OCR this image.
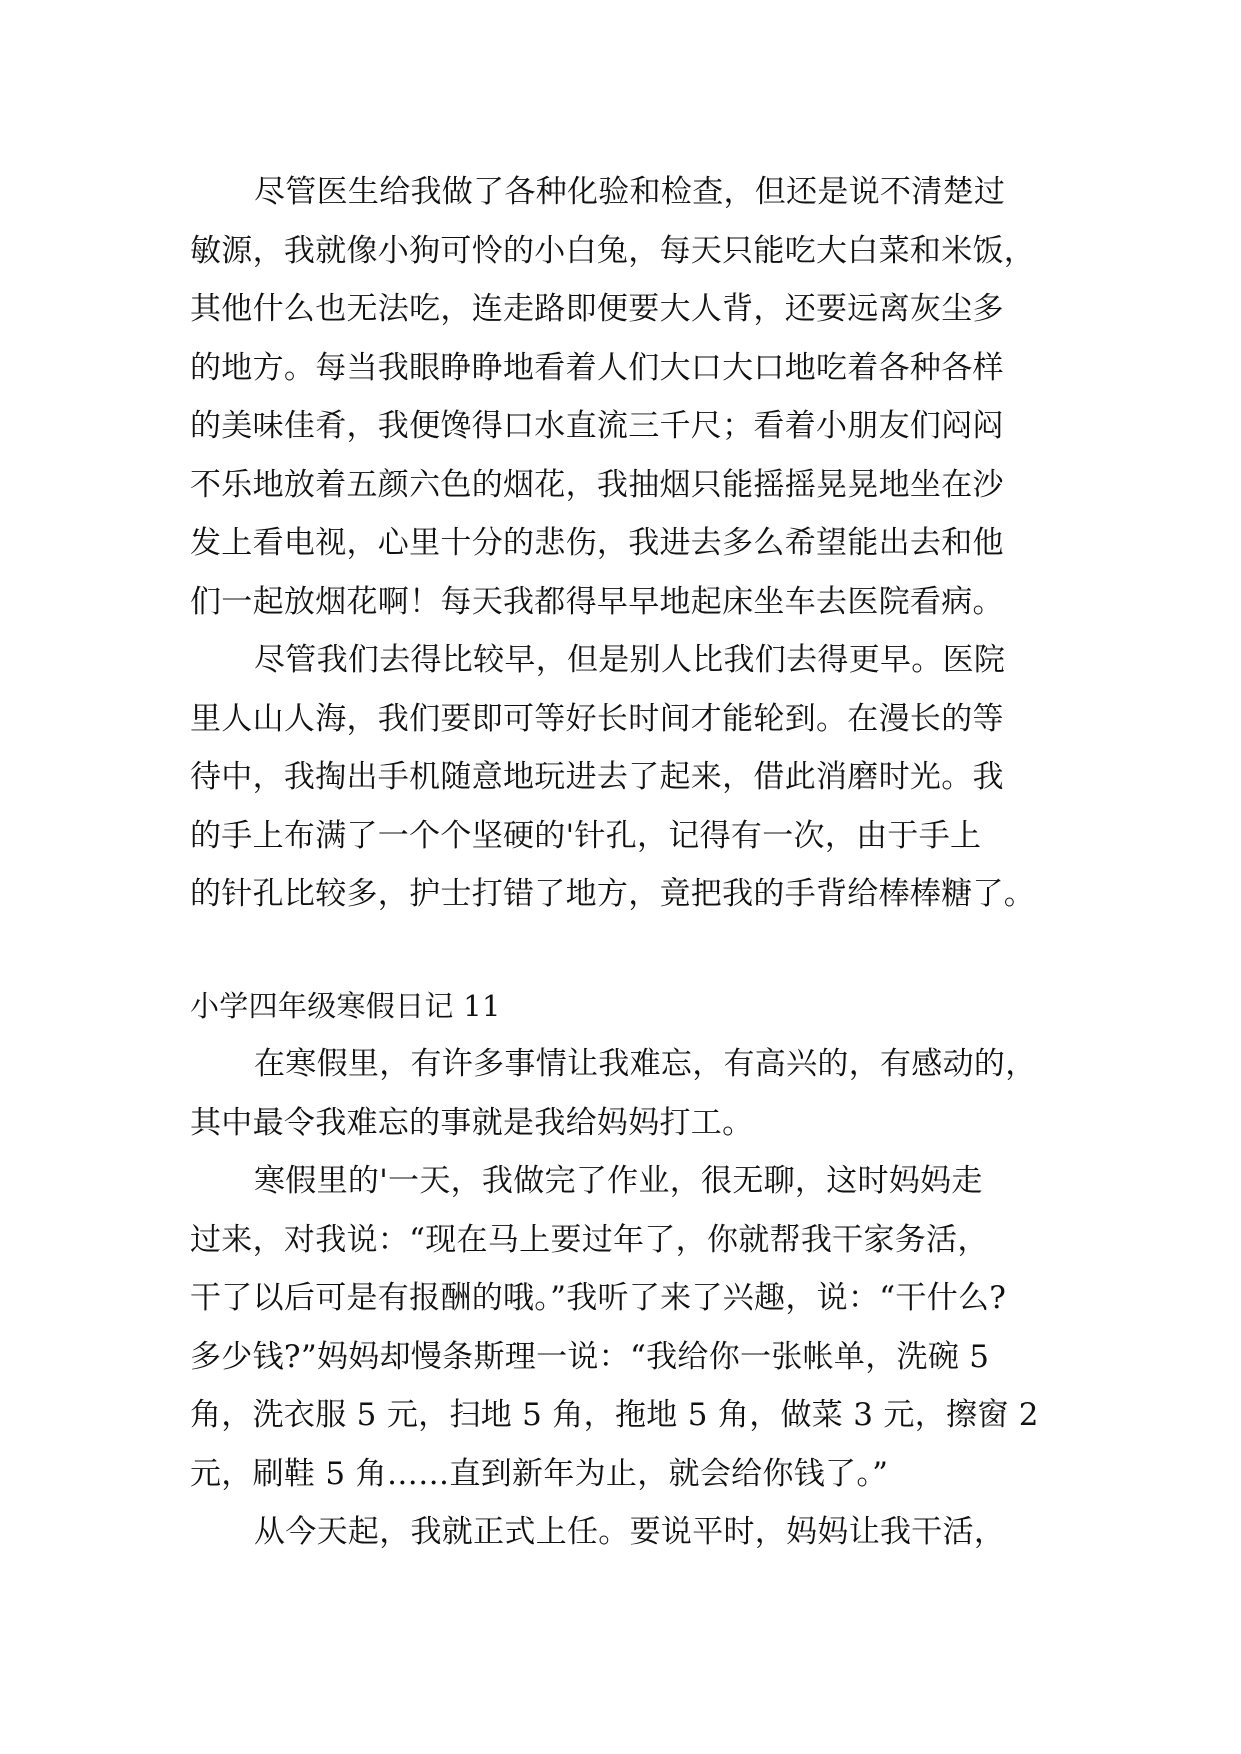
尽管医生给我做了各种化验和检查，但还是说不清楚过
敏源，我就像小狗可怜的小白兔，每天只能吃大白菜和米饭，
其他什么也无法吃，连走路即便要大人背，还要远离灰尘多
的地方。每当我眼睁睁地看着人们大口大口地吃着各种各样
的美味佳肴，我便馋得口水直流三千尺；看着小朋友们闷闷
不乐地放着五颜六色的烟花，我抽烟只能摇摇晃晃地坐在沙
发上看电视，心里十分的悲伤，我进去多么希望能出去和他
们一起放烟花啊！每天我都得早早地起床坐车去医院看病。
尽管我们去得比较早，但是别人比我们去得更早。医院
里人山人海，我们要即可等好长时间才能轮到。在漫长的等
待中，我掏出手机随意地玩进去了起来，借此消磨时光。我
的手上布满了一个个坚硬的'针孔，记得有一次，由于手上
的针孔比较多，护士打错了地方，竟把我的手背给棒棒糖了。
小学四年级寒假日记 11
在寒假里，有许多事情让我难忘，有高兴的，有感动的，
其中最令我难忘的事就是我给妈妈打工。
寒假里的'一天，我做完了作业，很无聊，这时妈妈走
过来，对我说：“现在马上要过年了，你就帮我干家务活，
干了以后可是有报酬的哦。”我听了来了兴趣，说：“干什么?
多少钱?”妈妈却慢条斯理一说：“我给你一张帐单，洗碗 5
角，洗衣服 5 元，扫地 5 角，拖地 5 角，做菜 3 元，擦窗 2
元，刷鞋 5 角……直到新年为止，就会给你钱了。”
从今天起，我就正式上任。要说平时，妈妈让我干活，
